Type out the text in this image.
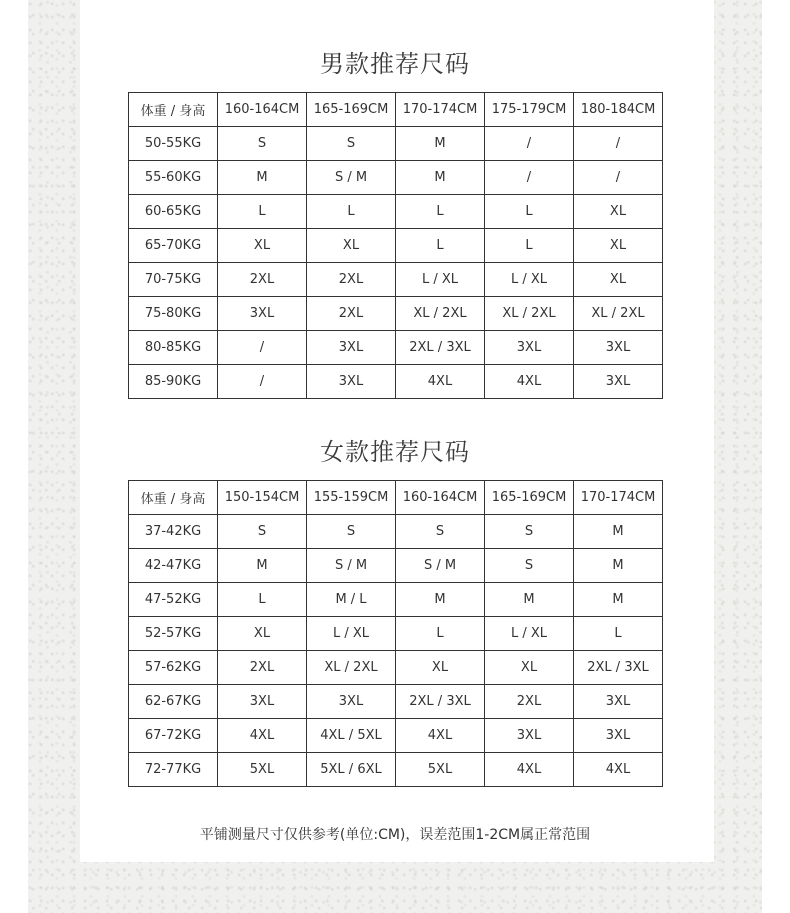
男款推荐尺码
体重 / 身高	160-164CM	165-169CM	170-174CM	175-179CM	180-184CM
50-55KG	S	S	M	/	/
55-60KG	M	S / M	M	/	/
60-65KG	L	L	L	L	XL
65-70KG	XL	XL	L	L	XL
70-75KG	2XL	2XL	L / XL	L / XL	XL
75-80KG	3XL	2XL	XL / 2XL	XL / 2XL	XL / 2XL
80-85KG	/	3XL	2XL / 3XL	3XL	3XL
85-90KG	/	3XL	4XL	4XL	3XL
女款推荐尺码
体重 / 身高	150-154CM	155-159CM	160-164CM	165-169CM	170-174CM
37-42KG	S	S	S	S	M
42-47KG	M	S / M	S / M	S	M
47-52KG	L	M / L	M	M	M
52-57KG	XL	L / XL	L	L / XL	L
57-62KG	2XL	XL / 2XL	XL	XL	2XL / 3XL
62-67KG	3XL	3XL	2XL / 3XL	2XL	3XL
67-72KG	4XL	4XL / 5XL	4XL	3XL	3XL
72-77KG	5XL	5XL / 6XL	5XL	4XL	4XL

平铺测量尺寸仅供参考(单位:CM)，误差范围1-2CM属正常范围
